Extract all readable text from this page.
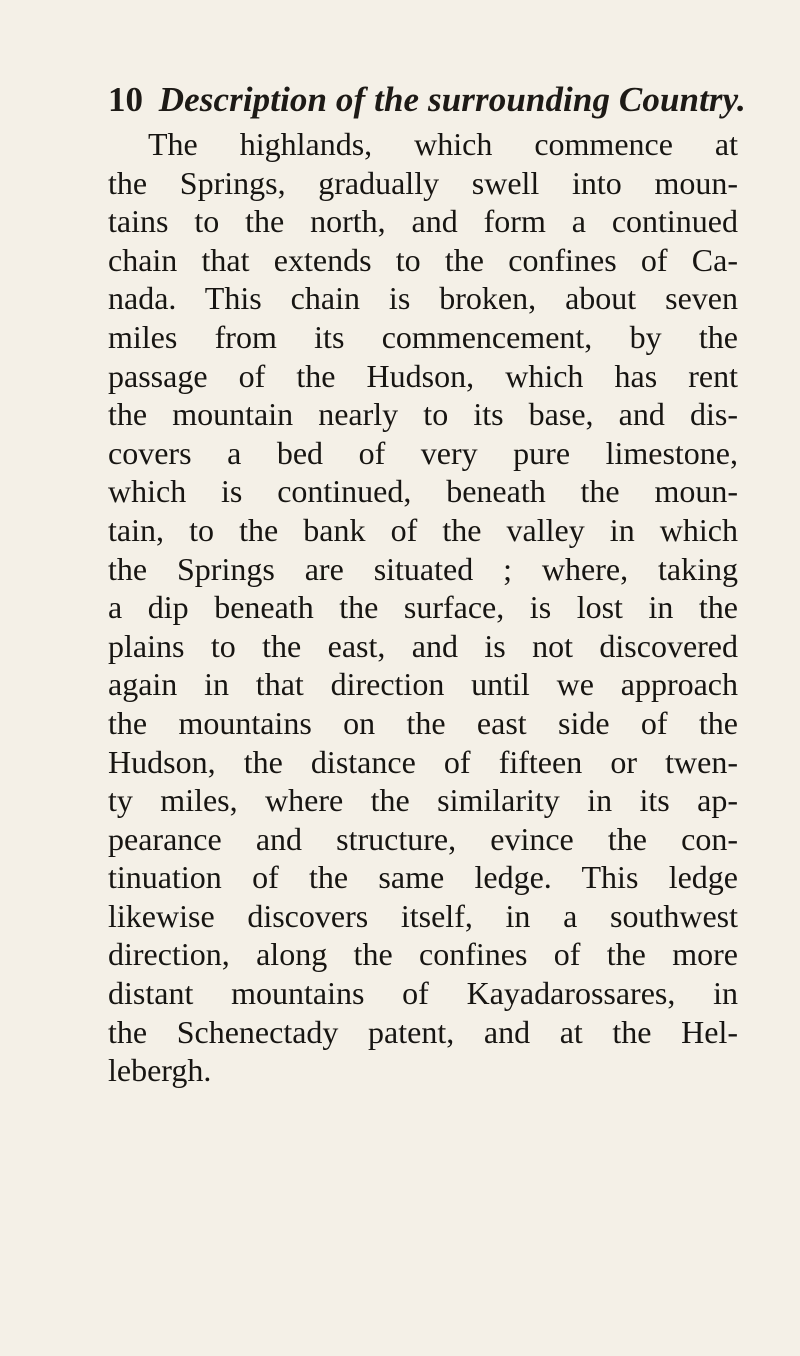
10 Description of the surrounding Country.
The highlands, which commence at
the Springs, gradually swell into moun-
tains to the north, and form a continued
chain that extends to the confines of Ca-
nada. This chain is broken, about seven
miles from its commencement, by the
passage of the Hudson, which has rent
the mountain nearly to its base, and dis-
covers a bed of very pure limestone,
which is continued, beneath the moun-
tain, to the bank of the valley in which
the Springs are situated ; where, taking
a dip beneath the surface, is lost in the
plains to the east, and is not discovered
again in that direction until we approach
the mountains on the east side of the
Hudson, the distance of fifteen or twen-
ty miles, where the similarity in its ap-
pearance and structure, evince the con-
tinuation of the same ledge. This ledge
likewise discovers itself, in a southwest
direction, along the confines of the more
distant mountains of Kayadarossares, in
the Schenectady patent, and at the Hel-
lebergh.
